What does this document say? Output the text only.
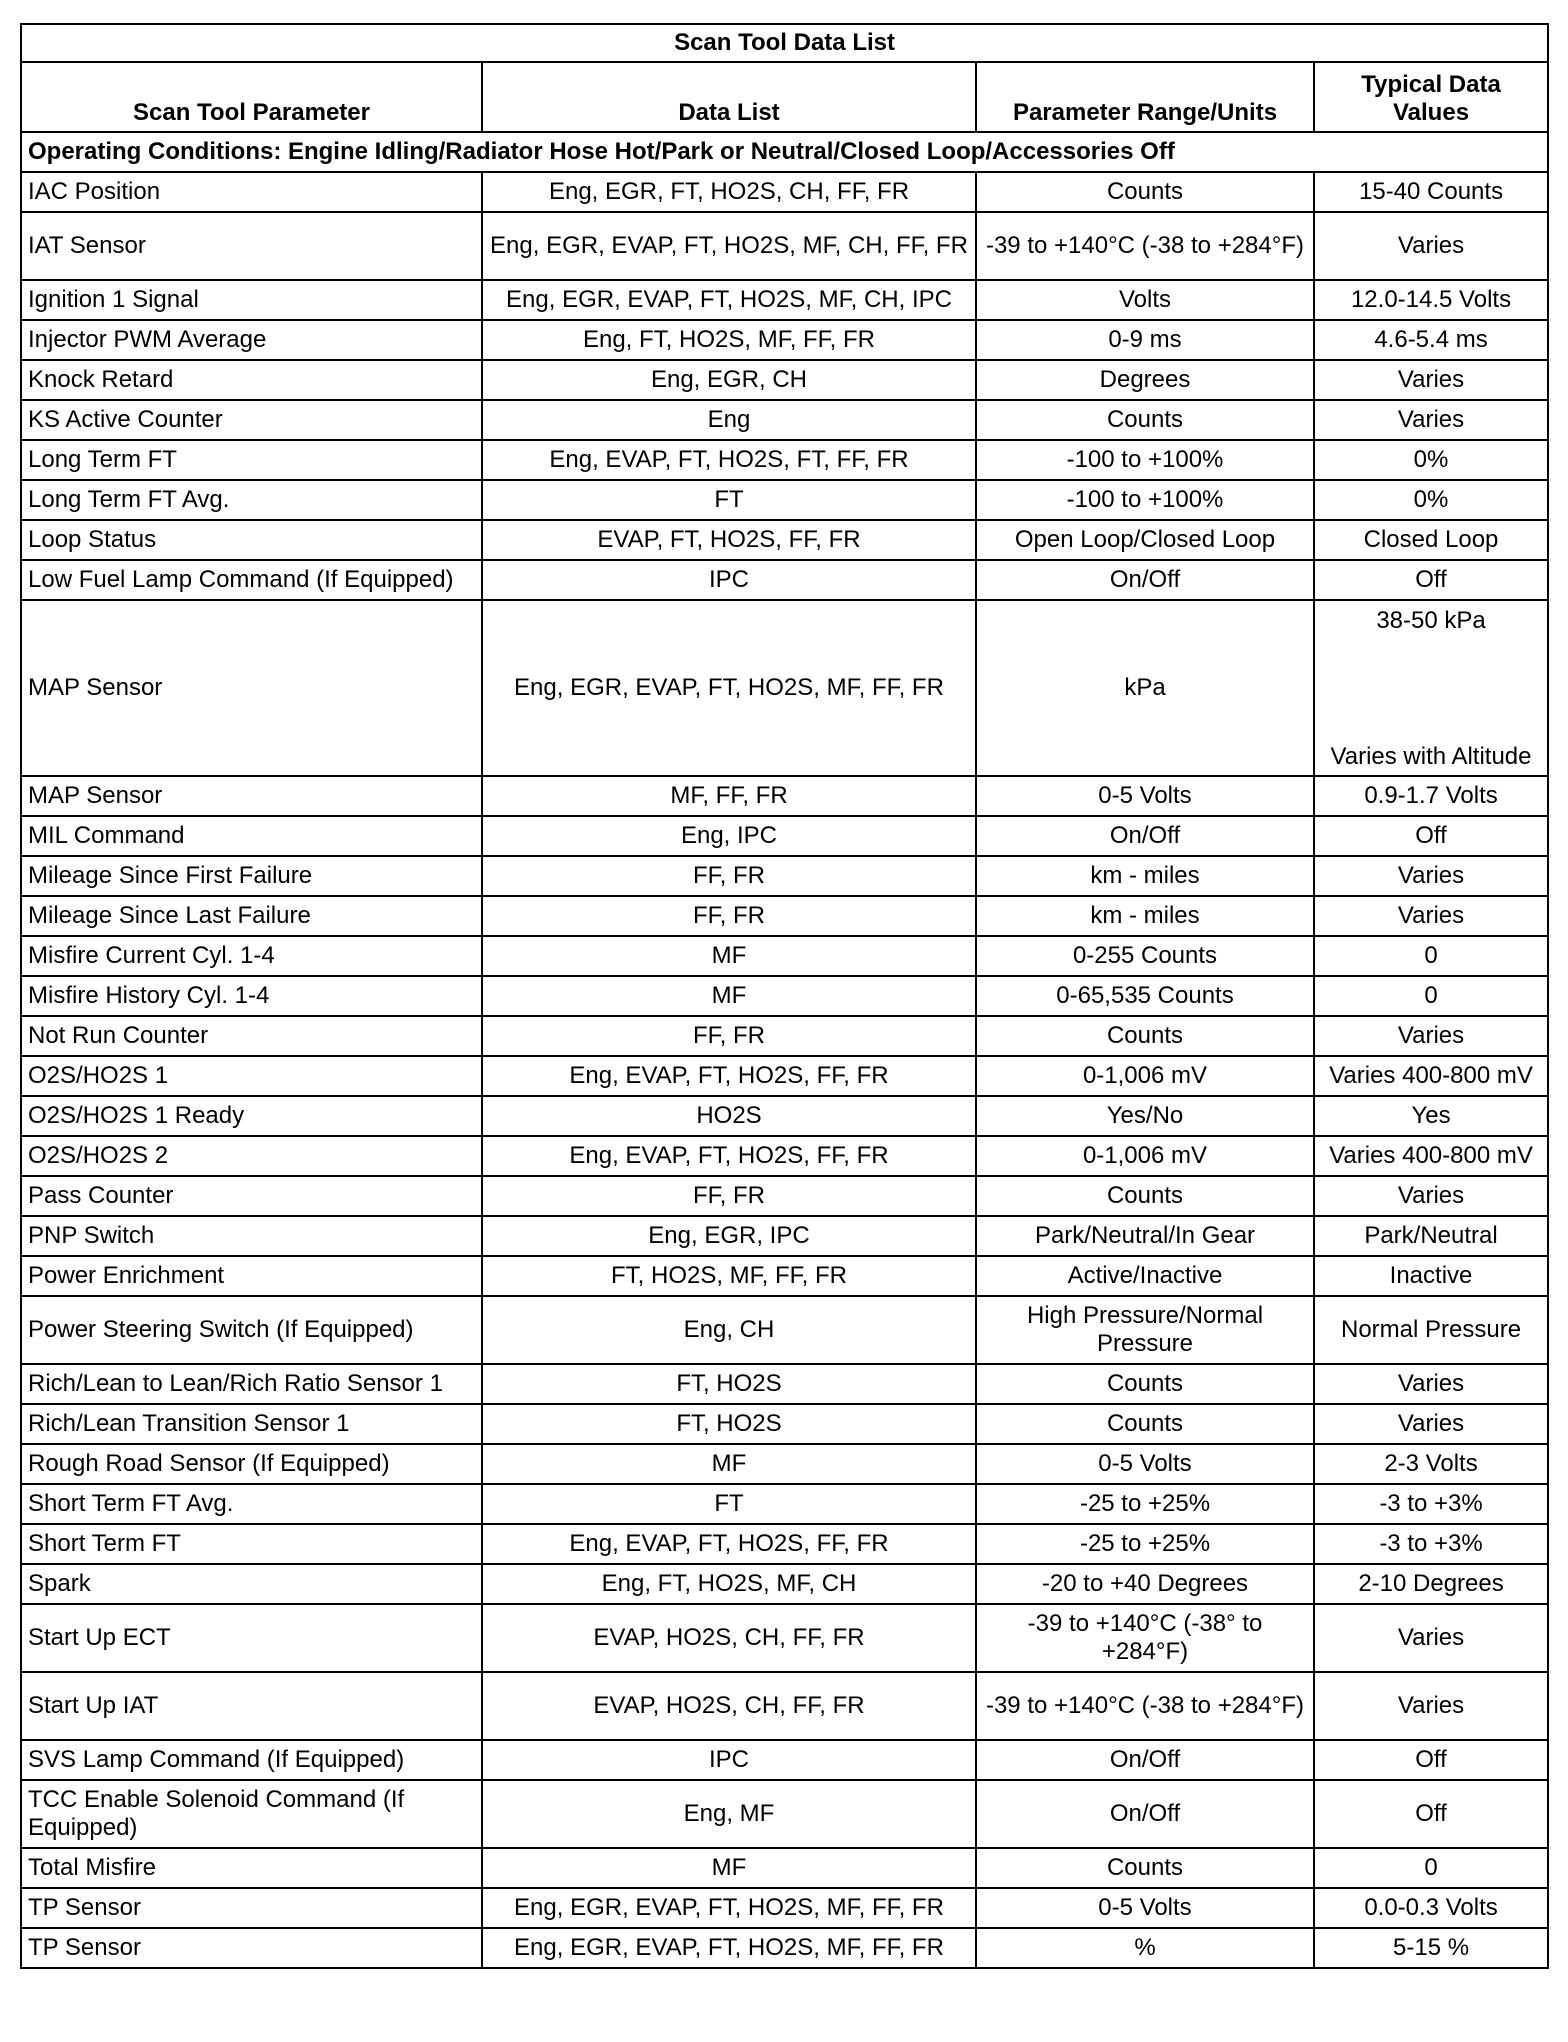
Scan Tool Data List			
Scan Tool Parameter	Data List	Parameter Range/Units	Typical Data Values
Operating Conditions: Engine Idling/Radiator Hose Hot/Park or Neutral/Closed Loop/Accessories Off			
IAC Position	Eng, EGR, FT, HO2S, CH, FF, FR	Counts	15-40 Counts
IAT Sensor	Eng, EGR, EVAP, FT, HO2S, MF, CH, FF, FR	-39 to +140°C (-38 to +284°F)	Varies
Ignition 1 Signal	Eng, EGR, EVAP, FT, HO2S, MF, CH, IPC	Volts	12.0-14.5 Volts
Injector PWM Average	Eng, FT, HO2S, MF, FF, FR	0-9 ms	4.6-5.4 ms
Knock Retard	Eng, EGR, CH	Degrees	Varies
KS Active Counter	Eng	Counts	Varies
Long Term FT	Eng, EVAP, FT, HO2S, FT, FF, FR	-100 to +100%	0%
Long Term FT Avg.	FT	-100 to +100%	0%
Loop Status	EVAP, FT, HO2S, FF, FR	Open Loop/Closed Loop	Closed Loop
Low Fuel Lamp Command (If Equipped)	IPC	On/Off	Off
MAP Sensor	Eng, EGR, EVAP, FT, HO2S, MF, FF, FR	kPa	38-50 kPa
Varies with Altitude

MAP Sensor	MF, FF, FR	0-5 Volts	0.9-1.7 Volts
MIL Command	Eng, IPC	On/Off	Off
Mileage Since First Failure	FF, FR	km - miles	Varies
Mileage Since Last Failure	FF, FR	km - miles	Varies
Misfire Current Cyl. 1-4	MF	0-255 Counts	0
Misfire History Cyl. 1-4	MF	0-65,535 Counts	0
Not Run Counter	FF, FR	Counts	Varies
O2S/HO2S 1	Eng, EVAP, FT, HO2S, FF, FR	0-1,006 mV	Varies 400-800 mV
O2S/HO2S 1 Ready	HO2S	Yes/No	Yes
O2S/HO2S 2	Eng, EVAP, FT, HO2S, FF, FR	0-1,006 mV	Varies 400-800 mV
Pass Counter	FF, FR	Counts	Varies
PNP Switch	Eng, EGR, IPC	Park/Neutral/In Gear	Park/Neutral
Power Enrichment	FT, HO2S, MF, FF, FR	Active/Inactive	Inactive
Power Steering Switch (If Equipped)	Eng, CH	High Pressure/Normal Pressure	Normal Pressure
Rich/Lean to Lean/Rich Ratio Sensor 1	FT, HO2S	Counts	Varies
Rich/Lean Transition Sensor 1	FT, HO2S	Counts	Varies
Rough Road Sensor (If Equipped)	MF	0-5 Volts	2-3 Volts
Short Term FT Avg.	FT	-25 to +25%	-3 to +3%
Short Term FT	Eng, EVAP, FT, HO2S, FF, FR	-25 to +25%	-3 to +3%
Spark	Eng, FT, HO2S, MF, CH	-20 to +40 Degrees	2-10 Degrees
Start Up ECT	EVAP, HO2S, CH, FF, FR	-39 to +140°C (-38° to +284°F)	Varies
Start Up IAT	EVAP, HO2S, CH, FF, FR	-39 to +140°C (-38 to +284°F)	Varies
SVS Lamp Command (If Equipped)	IPC	On/Off	Off
TCC Enable Solenoid Command (If Equipped)	Eng, MF	On/Off	Off
Total Misfire	MF	Counts	0
TP Sensor	Eng, EGR, EVAP, FT, HO2S, MF, FF, FR	0-5 Volts	0.0-0.3 Volts
TP Sensor	Eng, EGR, EVAP, FT, HO2S, MF, FF, FR	%	5-15 %
